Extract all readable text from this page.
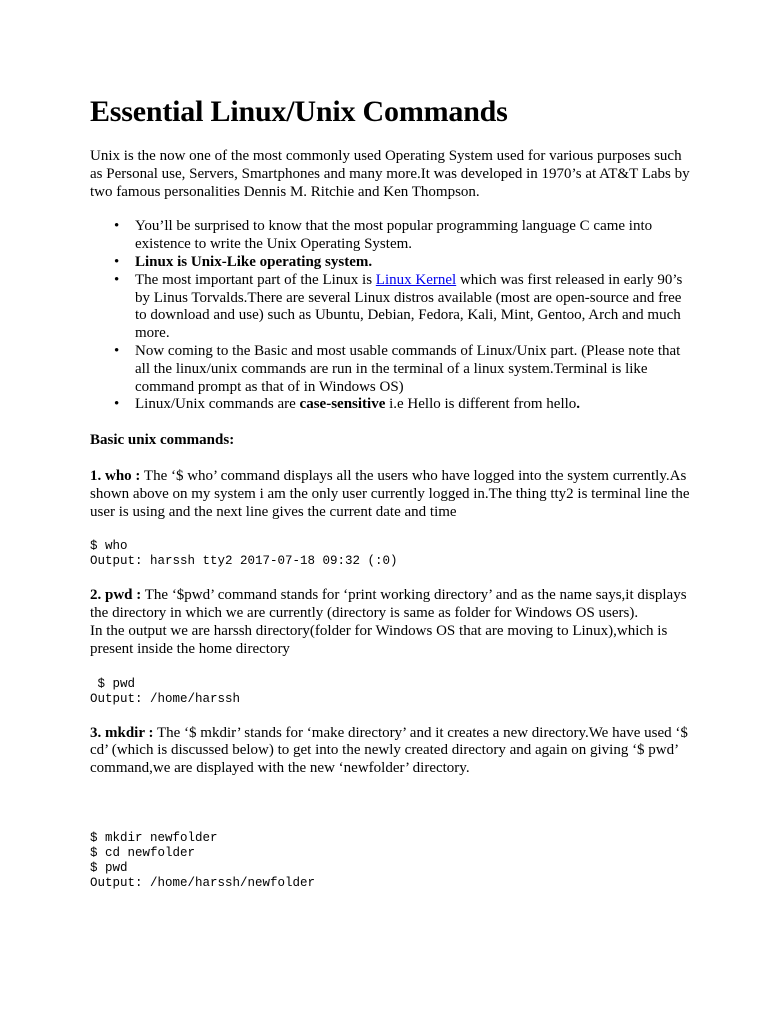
Essential Linux/Unix Commands

Unix is the now one of the most commonly used Operating System used for various purposes such as Personal use, Servers, Smartphones and many more.It was developed in 1970’s at AT&T Labs by two famous personalities Dennis M. Ritchie and Ken Thompson.

• You’ll be surprised to know that the most popular programming language C came into existence to write the Unix Operating System.
• Linux is Unix-Like operating system.
• The most important part of the Linux is Linux Kernel which was first released in early 90’s by Linus Torvalds.There are several Linux distros available (most are open-source and free to download and use) such as Ubuntu, Debian, Fedora, Kali, Mint, Gentoo, Arch and much more.
• Now coming to the Basic and most usable commands of Linux/Unix part. (Please note that all the linux/unix commands are run in the terminal of a linux system.Terminal is like command prompt as that of in Windows OS)
• Linux/Unix commands are case-sensitive i.e Hello is different from hello.

Basic unix commands:

1. who : The ‘$ who’ command displays all the users who have logged into the system currently.As shown above on my system i am the only user currently logged in.The thing tty2 is terminal line the user is using and the next line gives the current date and time

$ who
Output: harssh tty2 2017-07-18 09:32 (:0)

2. pwd : The ‘$pwd’ command stands for ‘print working directory’ and as the name says,it displays the directory in which we are currently (directory is same as folder for Windows OS users).

In the output we are harssh directory(folder for Windows OS that are moving to Linux),which is present inside the home directory

$ pwd
Output: /home/harssh

3. mkdir : The ‘$ mkdir’ stands for ‘make directory’ and it creates a new directory.We have used ‘$ cd’ (which is discussed below) to get into the newly created directory and again on giving ‘$ pwd’ command,we are displayed with the new ‘newfolder’ directory.

$ mkdir newfolder
$ cd newfolder
$ pwd
Output: /home/harssh/newfolder
